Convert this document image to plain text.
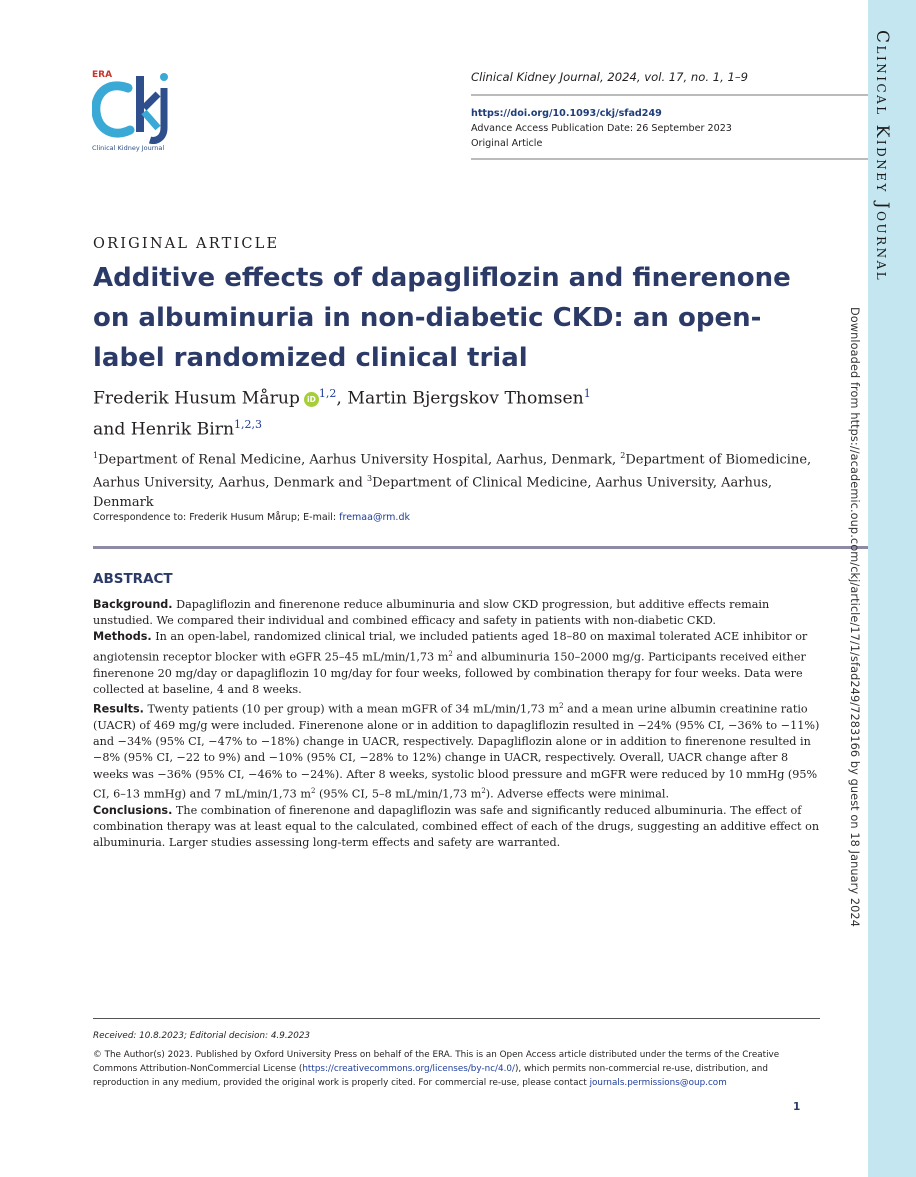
ERA
Clinical Kidney Journal
Clinical Kidney Journal, 2024, vol. 17, no. 1, 1–9
https://doi.org/10.1093/ckj/sfad249
Advance Access Publication Date: 26 September 2023
Original Article
ORIGINAL ARTICLE
Additive effects of dapagliflozin and finerenone on albuminuria in non-diabetic CKD: an open-label randomized clinical trial
Frederik Husum Mårup iD $^{1,2}$, Martin Bjergskov Thomsen$^1$
and Henrik Birn$^{1,2,3}$
$^1$Department of Renal Medicine, Aarhus University Hospital, Aarhus, Denmark, $^2$Department of Biomedicine, Aarhus University, Aarhus, Denmark and $^3$Department of Clinical Medicine, Aarhus University, Aarhus, Denmark
Correspondence to: Frederik Husum Mårup; E-mail: fremaa@rm.dk
ABSTRACT

Background. Dapagliflozin and finerenone reduce albuminuria and slow CKD progression, but additive effects remain unstudied. We compared their individual and combined efficacy and safety in patients with non-diabetic CKD.

Methods. In an open-label, randomized clinical trial, we included patients aged 18–80 on maximal tolerated ACE inhibitor or angiotensin receptor blocker with eGFR 25–45 mL/min/1,73 $m^2$ and albuminuria 150–2000 mg/g. Participants received either finerenone 20 mg/day or dapagliflozin 10 mg/day for four weeks, followed by combination therapy for four weeks. Data were collected at baseline, 4 and 8 weeks.

Results. Twenty patients (10 per group) with a mean mGFR of 34 mL/min/1,73 $m^2$ and a mean urine albumin creatinine ratio (UACR) of 469 mg/g were included. Finerenone alone or in addition to dapagliflozin resulted in −24% (95% CI, −36% to −11%) and −34% (95% CI, −47% to −18%) change in UACR, respectively. Dapagliflozin alone or in addition to finerenone resulted in −8% (95% CI, −22 to 9%) and −10% (95% CI, −28% to 12%) change in UACR, respectively. Overall, UACR change after 8 weeks was −36% (95% CI, −46% to −24%). After 8 weeks, systolic blood pressure and mGFR were reduced by 10 mmHg (95% CI, 6–13 mmHg) and 7 mL/min/1,73 $m^2$ (95% CI, 5–8 mL/min/1,73 $m^2$). Adverse effects were minimal.

Conclusions. The combination of finerenone and dapagliflozin was safe and significantly reduced albuminuria. The effect of combination therapy was at least equal to the calculated, combined effect of each of the drugs, suggesting an additive effect on albuminuria. Larger studies assessing long-term effects and safety are warranted.

Received: 10.8.2023; Editorial decision: 4.9.2023
© The Author(s) 2023. Published by Oxford University Press on behalf of the ERA. This is an Open Access article distributed under the terms of the Creative Commons Attribution-NonCommercial License (https://creativecommons.org/licenses/by-nc/4.0/), which permits non-commercial re-use, distribution, and reproduction in any medium, provided the original work is properly cited. For commercial re-use, please contact journals.permissions@oup.com
1
Clinical Kidney Journal
Downloaded from https://academic.oup.com/ckj/article/17/1/sfad249/7283166 by guest on 18 January 2024
